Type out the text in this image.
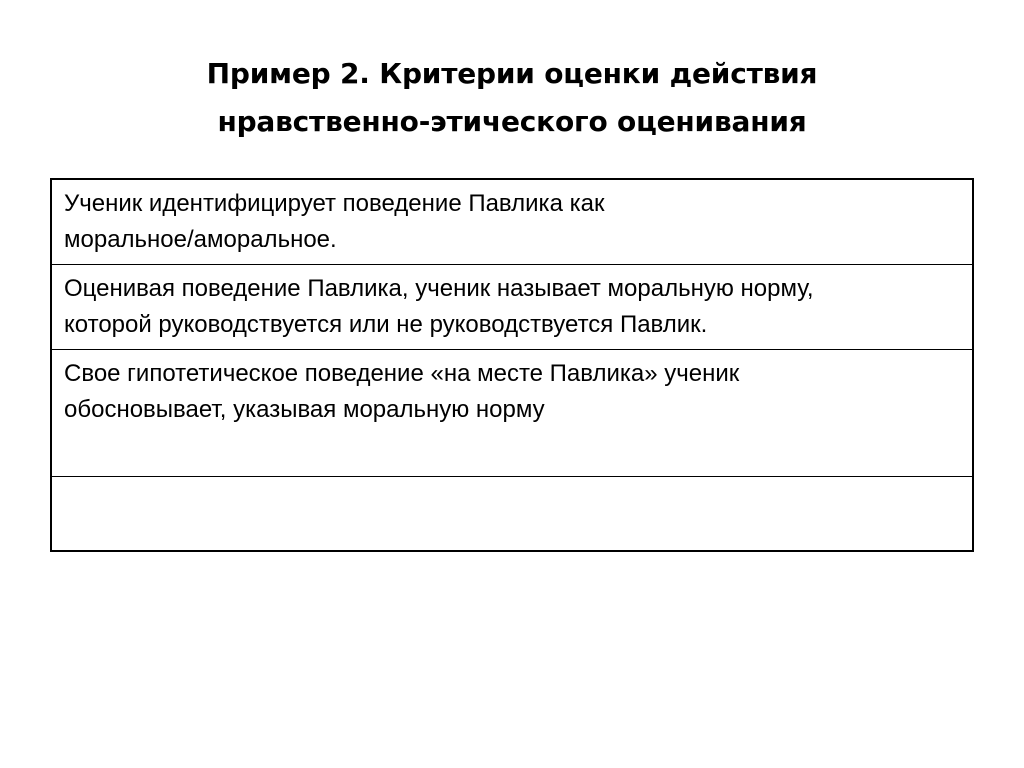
Пример 2. Критерии оценки действия
нравственно-этического оценивания
Ученик идентифицирует поведение Павлика как
моральное/аморальное.

Оценивая поведение Павлика, ученик называет моральную норму,
которой руководствуется или не руководствуется Павлик.

Свое гипотетическое поведение «на месте Павлика» ученик
обосновывает, указывая моральную норму
